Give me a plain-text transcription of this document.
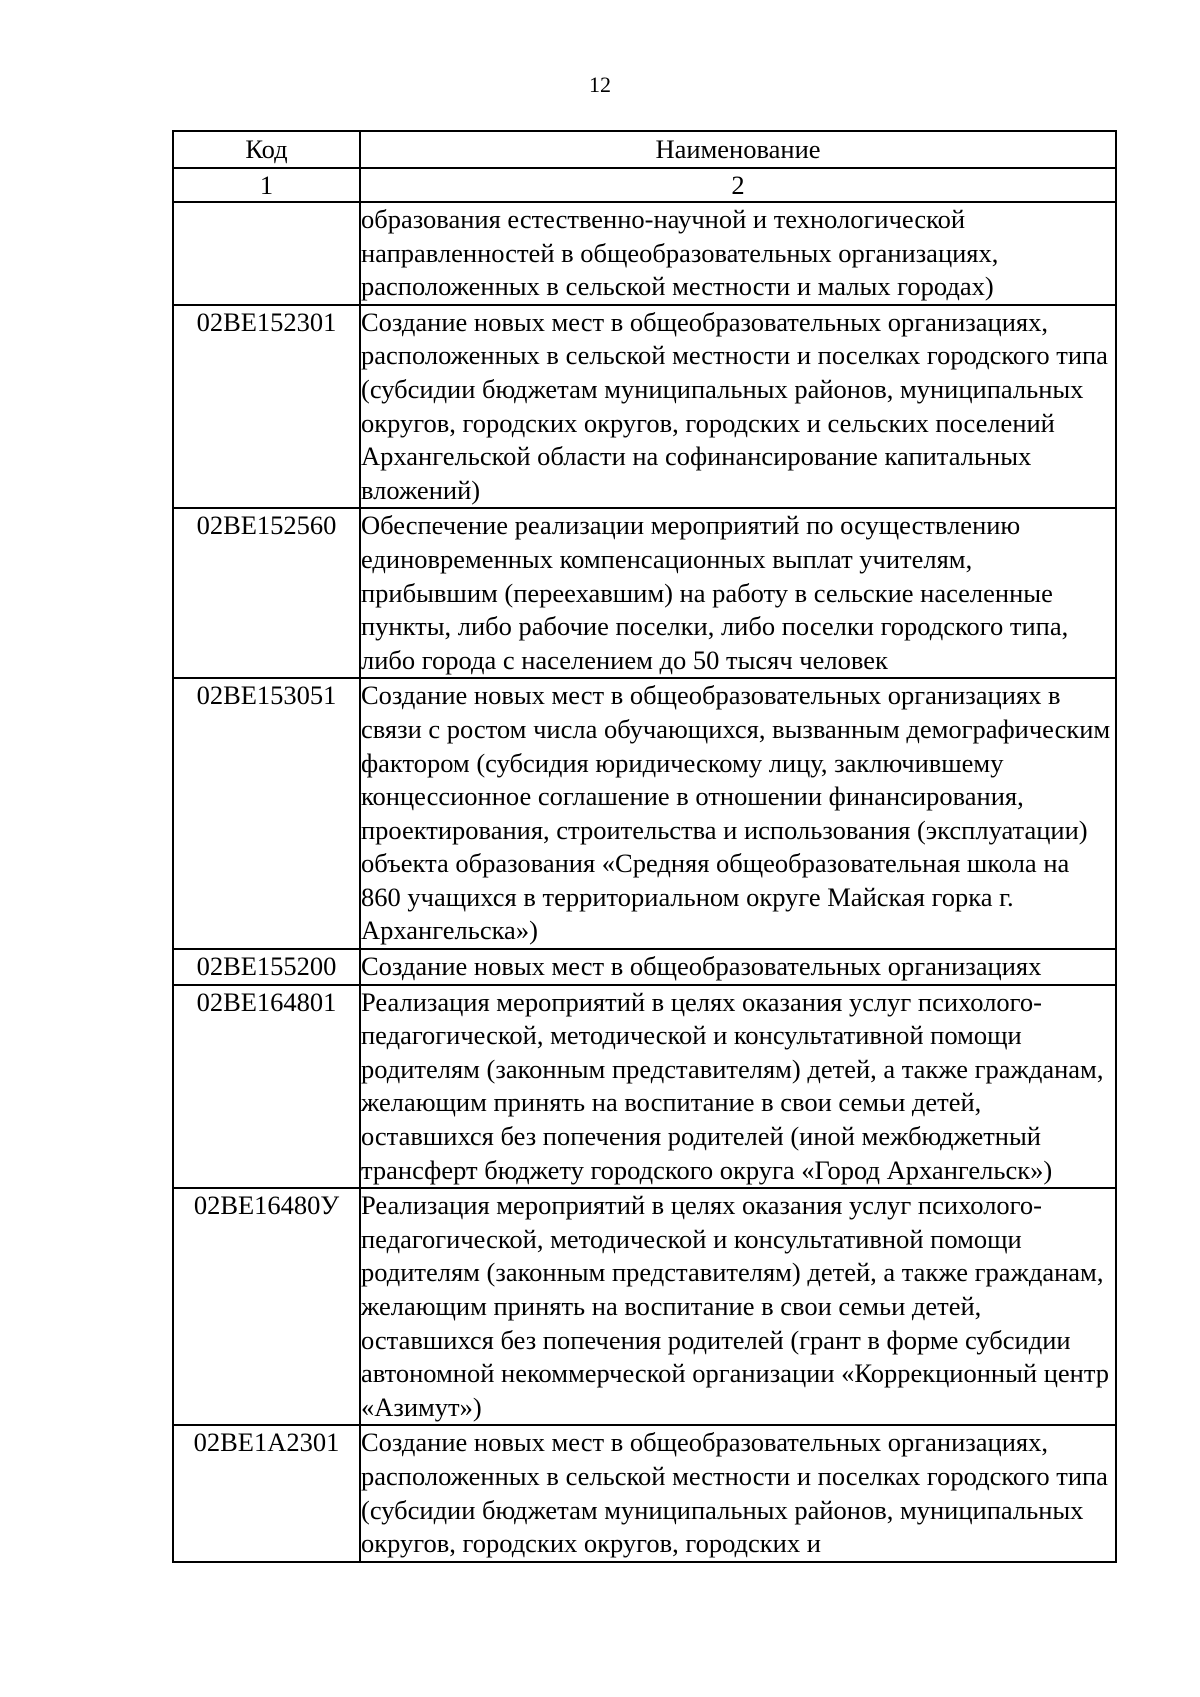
12
Код	Наименование
1	2
	образования естественно-научной и технологической направленностей в общеобразовательных организациях, расположенных в сельской местности и малых городах)
02ВЕ152301	Создание новых мест в общеобразовательных организациях, расположенных в сельской местности и поселках городского типа (субсидии бюджетам муниципальных районов, муниципальных округов, городских округов, городских и сельских поселений Архангельской области на софинансирование капитальных вложений)
02ВЕ152560	Обеспечение реализации мероприятий по осуществлению единовременных компенсационных выплат учителям, прибывшим (переехавшим) на работу в сельские населенные пункты, либо рабочие поселки, либо поселки городского типа, либо города с населением до 50 тысяч человек
02ВЕ153051	Создание новых мест в общеобразовательных организациях в связи с ростом числа обучающихся, вызванным демографическим фактором (субсидия юридическому лицу, заключившему концессионное соглашение в отношении финансирования, проектирования, строительства и использования (эксплуатации) объекта образования «Средняя общеобразовательная школа на 860 учащихся в территориальном округе Майская горка г. Архангельска»)
02ВЕ155200	Создание новых мест в общеобразовательных организациях
02ВЕ164801	Реализация мероприятий в целях оказания услуг психолого-педагогической, методической и консультативной помощи родителям (законным представителям) детей, а также гражданам, желающим принять на воспитание в свои семьи детей, оставшихся без попечения родителей (иной межбюджетный трансферт бюджету городского округа «Город Архангельск»)
02ВЕ16480У	Реализация мероприятий в целях оказания услуг психолого-педагогической, методической и консультативной помощи родителям (законным представителям) детей, а также гражданам, желающим принять на воспитание в свои семьи детей, оставшихся без попечения родителей (грант в форме субсидии автономной некоммерческой организации «Коррекционный центр «Азимут»)
02ВЕ1А2301	Создание новых мест в общеобразовательных организациях, расположенных в сельской местности и поселках городского типа (субсидии бюджетам муниципальных районов, муниципальных округов, городских округов, городских и
